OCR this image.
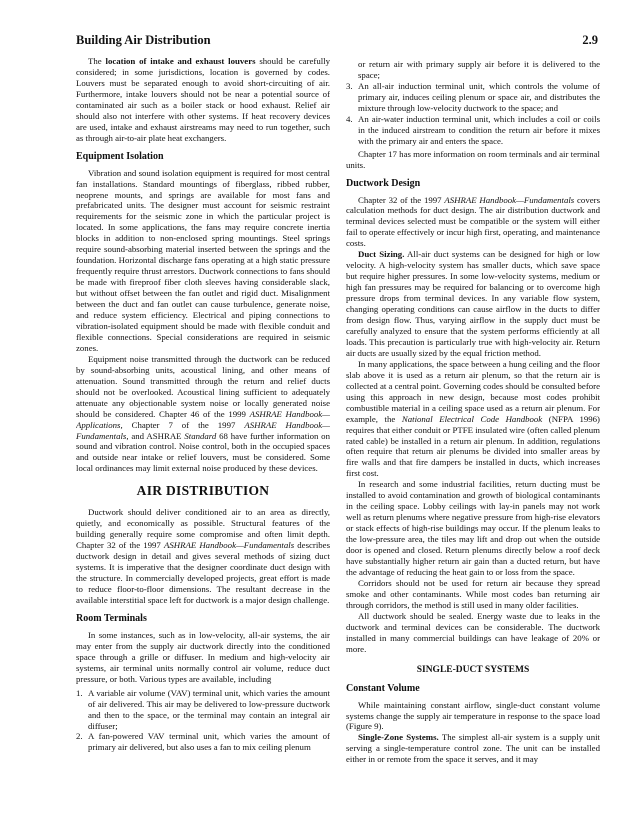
Building Air Distribution	2.9

The location of intake and exhaust louvers should be carefully considered; in some jurisdictions, location is governed by codes. Louvers must be separated enough to avoid short-circuiting of air. Furthermore, intake louvers should not be near a potential source of contaminated air such as a boiler stack or hood exhaust. Relief air should also not interfere with other systems. If heat recovery devices are used, intake and exhaust airstreams may need to run together, such as through air-to-air plate heat exchangers.

Equipment Isolation

Vibration and sound isolation equipment is required for most central fan installations. Standard mountings of fiberglass, ribbed rubber, neoprene mounts, and springs are available for most fans and prefabricated units. The designer must account for seismic restraint requirements for the seismic zone in which the particular project is located. In some applications, the fans may require concrete inertia blocks in addition to non-enclosed spring mountings. Steel springs require sound-absorbing material inserted between the springs and the foundation. Horizontal discharge fans operating at a high static pressure frequently require thrust arrestors. Ductwork connections to fans should be made with fireproof fiber cloth sleeves having considerable slack, but without offset between the fan outlet and rigid duct. Misalignment between the duct and fan outlet can cause turbulence, generate noise, and reduce system efficiency. Electrical and piping connections to vibration-isolated equipment should be made with flexible conduit and flexible connections. Special considerations are required in seismic zones.

Equipment noise transmitted through the ductwork can be reduced by sound-absorbing units, acoustical lining, and other means of attenuation. Sound transmitted through the return and relief ducts should not be overlooked. Acoustical lining sufficient to adequately attenuate any objectionable system noise or locally generated noise should be considered. Chapter 46 of the 1999 ASHRAE Handbook—Applications, Chapter 7 of the 1997 ASHRAE Handbook—Fundamentals, and ASHRAE Standard 68 have further information on sound and vibration control. Noise control, both in the occupied spaces and outside near intake or relief louvers, must be considered. Some local ordinances may limit external noise produced by these devices.

AIR DISTRIBUTION

Ductwork should deliver conditioned air to an area as directly, quietly, and economically as possible. Structural features of the building generally require some compromise and often limit depth. Chapter 32 of the 1997 ASHRAE Handbook—Fundamentals describes ductwork design in detail and gives several methods of sizing duct systems. It is imperative that the designer coordinate duct design with the structure. In commercially developed projects, great effort is made to reduce floor-to-floor dimensions. The resultant decrease in the available interstitial space left for ductwork is a major design challenge.

Room Terminals

In some instances, such as in low-velocity, all-air systems, the air may enter from the supply air ductwork directly into the conditioned space through a grille or diffuser. In medium and high-velocity air systems, air terminal units normally control air volume, reduce duct pressure, or both. Various types are available, including

1. A variable air volume (VAV) terminal unit, which varies the amount of air delivered. This air may be delivered to low-pressure ductwork and then to the space, or the terminal may contain an integral air diffuser;
2. A fan-powered VAV terminal unit, which varies the amount of primary air delivered, but also uses a fan to mix ceiling plenum
or return air with primary supply air before it is delivered to the space;
3. An all-air induction terminal unit, which controls the volume of primary air, induces ceiling plenum or space air, and distributes the mixture through low-velocity ductwork to the space; and
4. An air-water induction terminal unit, which includes a coil or coils in the induced airstream to condition the return air before it mixes with the primary air and enters the space.

Chapter 17 has more information on room terminals and air terminal units.

Ductwork Design

Chapter 32 of the 1997 ASHRAE Handbook—Fundamentals covers calculation methods for duct design. The air distribution ductwork and terminal devices selected must be compatible or the system will either fail to operate effectively or incur high first, operating, and maintenance costs.

Duct Sizing. All-air duct systems can be designed for high or low velocity. A high-velocity system has smaller ducts, which save space but require higher pressures. In some low-velocity systems, medium or high fan pressures may be required for balancing or to overcome high pressure drops from terminal devices. In any variable flow system, changing operating conditions can cause airflow in the ducts to differ from design flow. Thus, varying airflow in the supply duct must be carefully analyzed to ensure that the system performs efficiently at all loads. This precaution is particularly true with high-velocity air. Return air ducts are usually sized by the equal friction method.

In many applications, the space between a hung ceiling and the floor slab above it is used as a return air plenum, so that the return air is collected at a central point. Governing codes should be consulted before using this approach in new design, because most codes prohibit combustible material in a ceiling space used as a return air plenum. For example, the National Electrical Code Handbook (NFPA 1996) requires that either conduit or PTFE insulated wire (often called plenum rated cable) be installed in a return air plenum. In addition, regulations often require that return air plenums be divided into smaller areas by fire walls and that fire dampers be installed in ducts, which increases first cost.

In research and some industrial facilities, return ducting must be installed to avoid contamination and growth of biological contaminants in the ceiling space. Lobby ceilings with lay-in panels may not work well as return plenums where negative pressure from high-rise elevators or stack effects of high-rise buildings may occur. If the plenum leaks to the low-pressure area, the tiles may lift and drop out when the outside door is opened and closed. Return plenums directly below a roof deck have substantially higher return air gain than a ducted return, but have the advantage of reducing the heat gain to or loss from the space.

Corridors should not be used for return air because they spread smoke and other contaminants. While most codes ban returning air through corridors, the method is still used in many older facilities.

All ductwork should be sealed. Energy waste due to leaks in the ductwork and terminal devices can be considerable. The ductwork installed in many commercial buildings can have leakage of 20% or more.

SINGLE-DUCT SYSTEMS
Constant Volume

While maintaining constant airflow, single-duct constant volume systems change the supply air temperature in response to the space load (Figure 9).

Single-Zone Systems. The simplest all-air system is a supply unit serving a single-temperature control zone. The unit can be installed either in or remote from the space it serves, and it may
